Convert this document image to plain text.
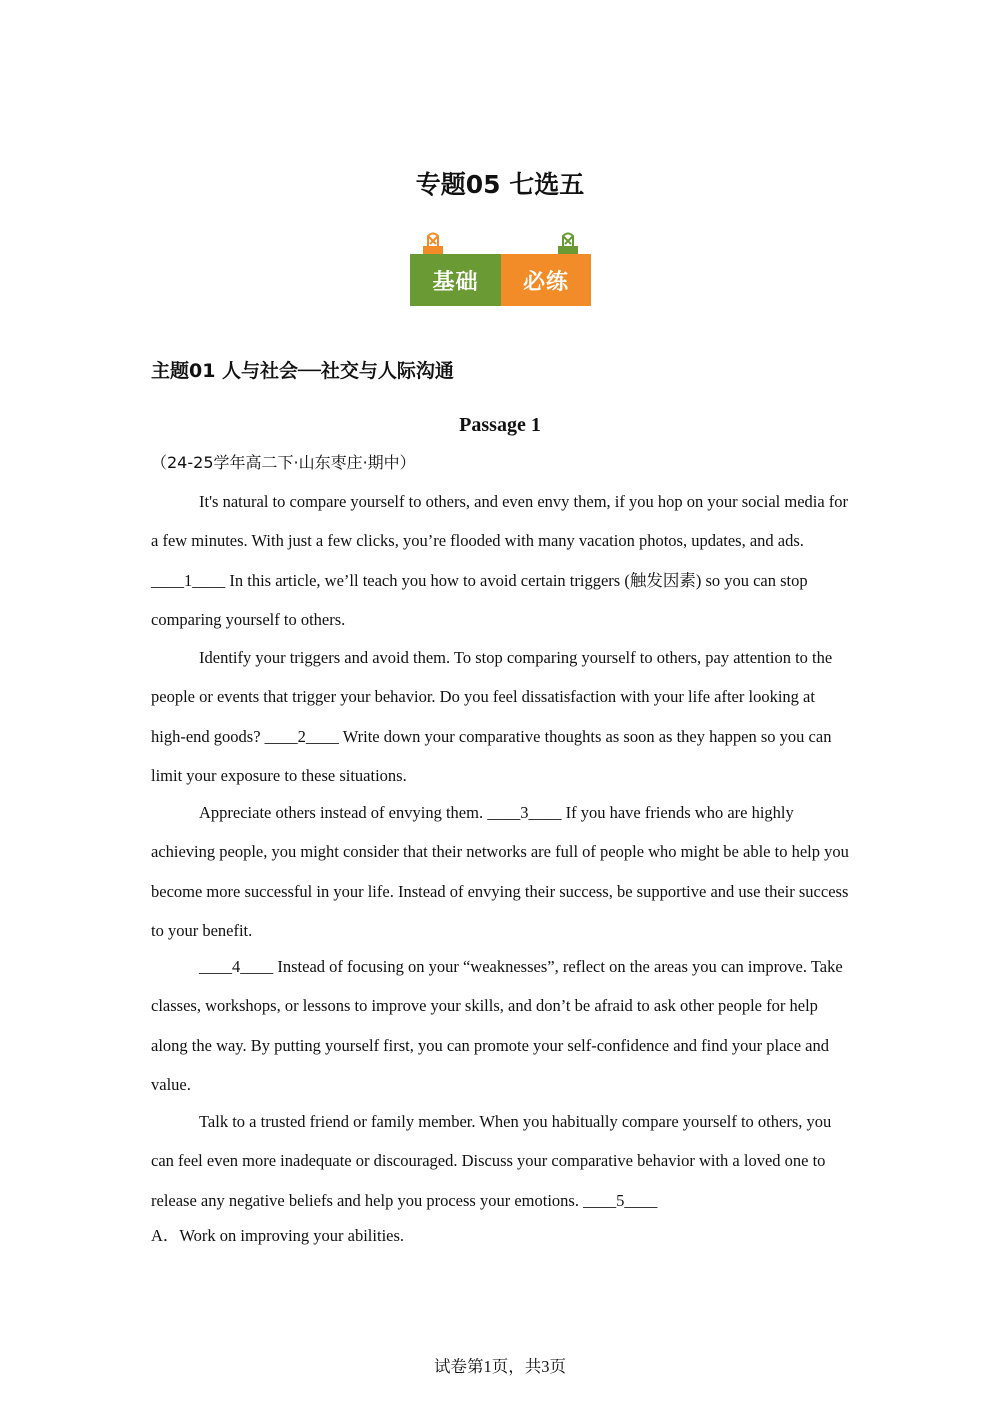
专题05 七选五
基础	必练
主题01 人与社会──社交与人际沟通
Passage 1
（24-25学年高二下·山东枣庄·期中）

It's natural to compare yourself to others, and even envy them, if you hop on your social media for a few minutes. With just a few clicks, you’re flooded with many vacation photos, updates, and ads. ____1____ In this article, we’ll teach you how to avoid certain triggers (触发因素) so you can stop comparing yourself to others.

Identify your triggers and avoid them. To stop comparing yourself to others, pay attention to the people or events that trigger your behavior. Do you feel dissatisfaction with your life after looking at high-end goods? ____2____ Write down your comparative thoughts as soon as they happen so you can limit your exposure to these situations.

Appreciate others instead of envying them. ____3____ If you have friends who are highly achieving people, you might consider that their networks are full of people who might be able to help you become more successful in your life. Instead of envying their success, be supportive and use their success to your benefit.

____4____ Instead of focusing on your “weaknesses”, reflect on the areas you can improve. Take classes, workshops, or lessons to improve your skills, and don’t be afraid to ask other people for help along the way. By putting yourself first, you can promote your self-confidence and find your place and value.

Talk to a trusted friend or family member. When you habitually compare yourself to others, you can feel even more inadequate or discouraged. Discuss your comparative behavior with a loved one to release any negative beliefs and help you process your emotions. ____5____

A．Work on improving your abilities.
试卷第1页，共3页
